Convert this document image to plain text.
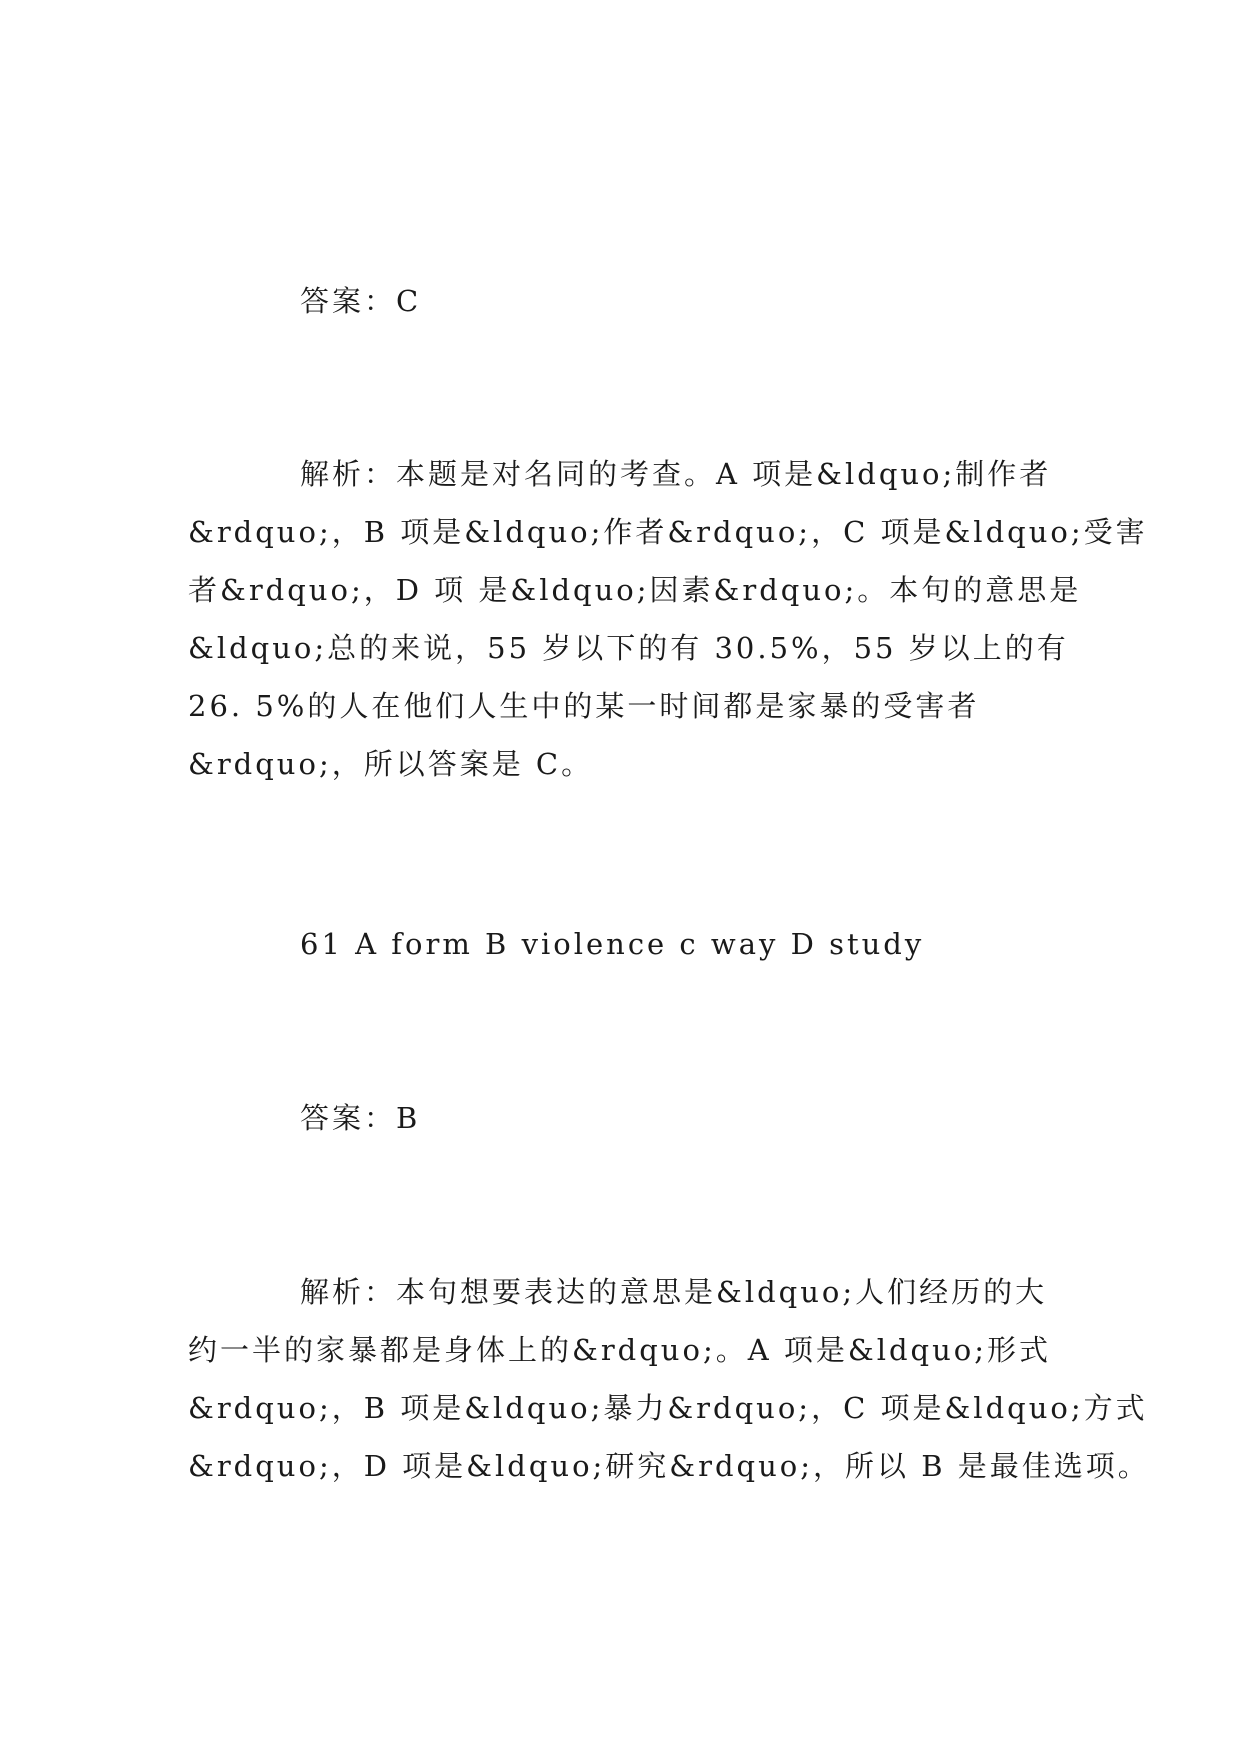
答案：C

解析：本题是对名同的考查。A 项是&ldquo;制作者
&rdquo;，B 项是&ldquo;作者&rdquo;，C 项是&ldquo;受害
者&rdquo;，D 项 是&ldquo;因素&rdquo;。本句的意思是
&ldquo;总的来说，55 岁以下的有 30.5%，55 岁以上的有
26. 5%的人在他们人生中的某一时间都是家暴的受害者
&rdquo;，所以答案是 C。

61 A form B violence c way D study

答案：B

解析：本句想要表达的意思是&ldquo;人们经历的大
约一半的家暴都是身体上的&rdquo;。A 项是&ldquo;形式
&rdquo;，B 项是&ldquo;暴力&rdquo;，C 项是&ldquo;方式
&rdquo;，D 项是&ldquo;研究&rdquo;，所以 B 是最佳选项。
